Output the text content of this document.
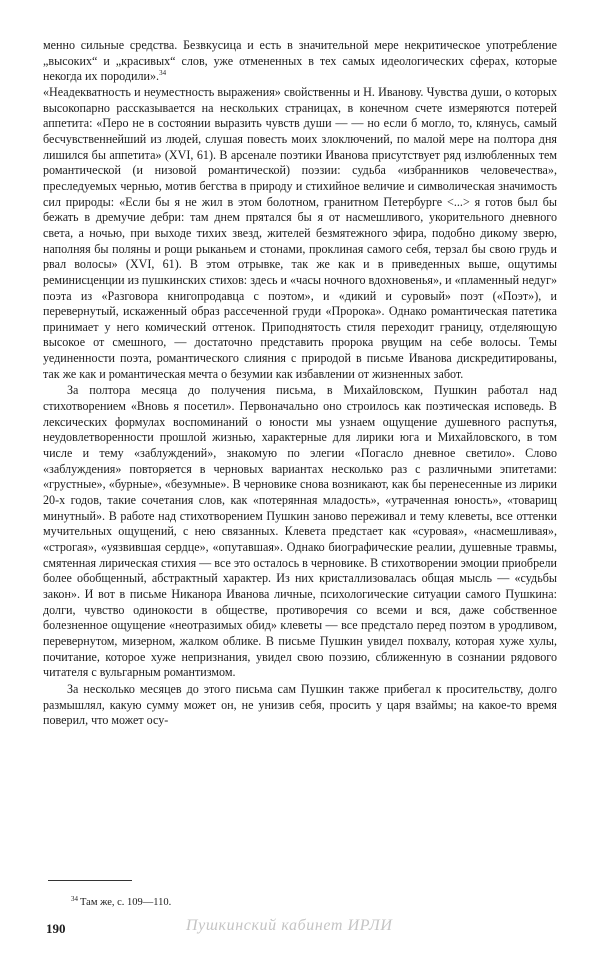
менно сильные средства. Безвкусица и есть в значительной мере некритическое употребление „высоких“ и „красивых“ слов, уже отмененных в тех самых идеологических сферах, которые некогда их породили».$^{34}$

«Неадекватность и неуместность выражения» свойственны и Н. Иванову. Чувства души, о которых высокопарно рассказывается на нескольких страницах, в конечном счете измеряются потерей аппетита: «Перо не в состоянии выразить чувств души — — но если б могло, то, клянусь, самый бесчувственнейший из людей, слушая повесть моих злоключений, по малой мере на полтора дня лишился бы аппетита» (XVI, 61). В арсенале поэтики Иванова присутствует ряд излюбленных тем романтической (и низовой романтической) поэзии: судьба «избранников человечества», преследуемых чернью, мотив бегства в природу и стихийное величие и символическая значимость сил природы: «Если бы я не жил в этом болотном, гранитном Петербурге <...> я готов был бы бежать в дремучие дебри: там днем прятался бы я от насмешливого, укорительного дневного света, а ночью, при выходе тихих звезд, жителей безмятежного эфира, подобно дикому зверю, наполняя бы поляны и рощи рыканьем и стонами, проклиная самого себя, терзал бы свою грудь и рвал волосы» (XVI, 61). В этом отрывке, так же как и в приведенных выше, ощутимы реминисценции из пушкинских стихов: здесь и «часы ночного вдохновенья», и «пламенный недуг» поэта из «Разговора книгопродавца с поэтом», и «дикий и суровый» поэт («Поэт»), и перевернутый, искаженный образ рассеченной груди «Пророка». Однако романтическая патетика принимает у него комический оттенок. Приподнятость стиля переходит границу, отделяющую высокое от смешного, — достаточно представить пророка рвущим на себе волосы. Темы уединенности поэта, романтического слияния с природой в письме Иванова дискредитированы, так же как и романтическая мечта о безумии как избавлении от жизненных забот.

За полтора месяца до получения письма, в Михайловском, Пушкин работал над стихотворением «Вновь я посетил». Первоначально оно строилось как поэтическая исповедь. В лексических формулах воспоминаний о юности мы узнаем ощущение душевного распутья, неудовлетворенности прошлой жизнью, характерные для лирики юга и Михайловского, в том числе и тему «заблуждений», знакомую по элегии «Погасло дневное светило». Слово «заблуждения» повторяется в черновых вариантах несколько раз с различными эпитетами: «грустные», «бурные», «безумные». В черновике снова возникают, как бы перенесенные из лирики 20-х годов, такие сочетания слов, как «потерянная младость», «утраченная юность», «товарищ минутный». В работе над стихотворением Пушкин заново переживал и тему клеветы, все оттенки мучительных ощущений, с нею связанных. Клевета предстает как «суровая», «насмешливая», «строгая», «уязвившая сердце», «опутавшая». Однако биографические реалии, душевные травмы, смятенная лирическая стихия — все это осталось в черновике. В стихотворении эмоции приобрели более обобщенный, абстрактный характер. Из них кристаллизовалась общая мысль — «судьбы закон». И вот в письме Никанора Иванова личные, психологические ситуации самого Пушкина: долги, чувство одинокости в обществе, противоречия со всеми и вся, даже собственное болезненное ощущение «неотразимых обид» клеветы — все предстало перед поэтом в уродливом, перевернутом, мизерном, жалком облике. В письме Пушкин увидел похвалу, которая хуже хулы, почитание, которое хуже непризнания, увидел свою поэзию, сближенную в сознании рядового читателя с вульгарным романтизмом.

За несколько месяцев до этого письма сам Пушкин также прибегал к просительству, долго размышлял, какую сумму может он, не унизив себя, просить у царя взаймы; на какое-то время поверил, что может осу-

$^{34}$ Там же, с. 109—110.
190	Пушкинский кабинет ИРЛИ
